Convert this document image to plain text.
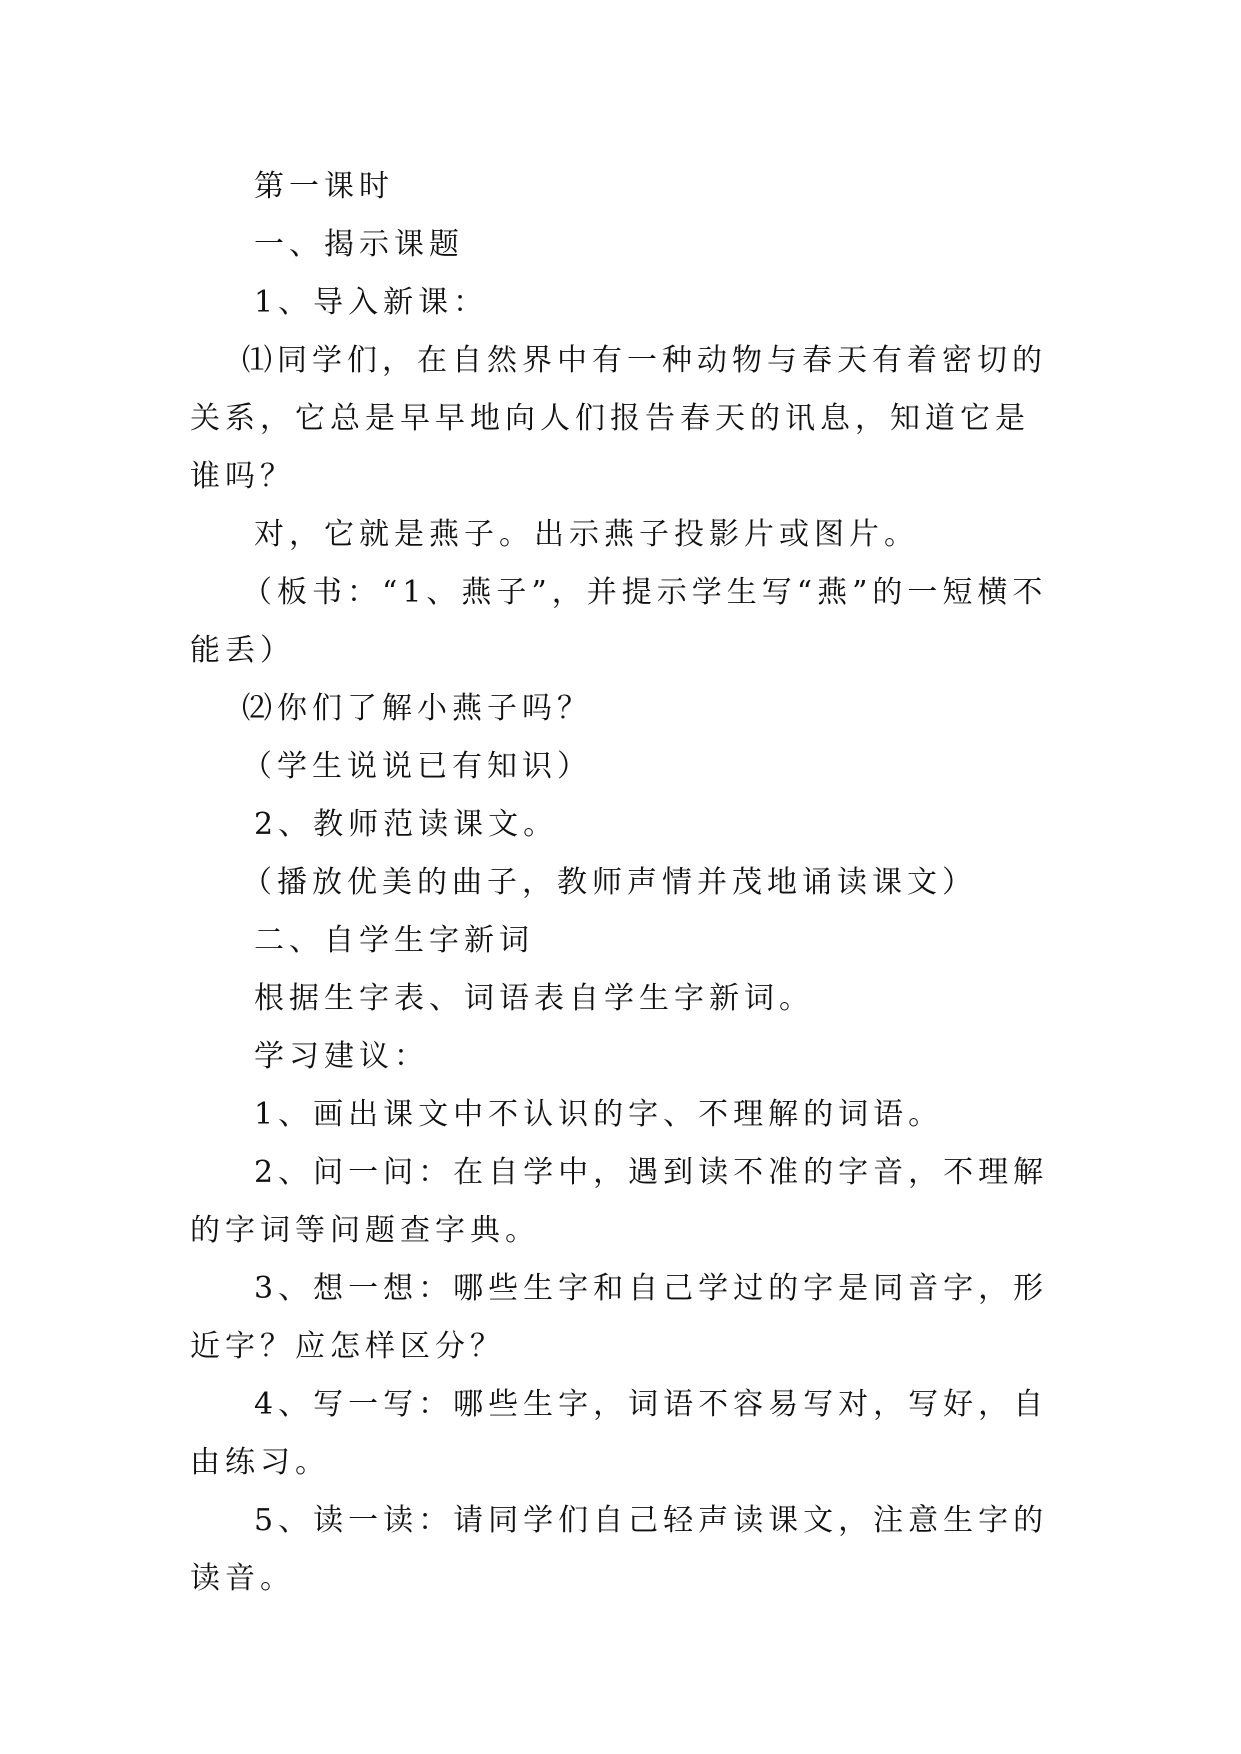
第一课时

一、揭示课题

1、导入新课：

⑴同学们，在自然界中有一种动物与春天有着密切的关系，它总是早早地向人们报告春天的讯息，知道它是谁吗？

对，它就是燕子。出示燕子投影片或图片。

（板书：“1、燕子”，并提示学生写“燕”的一短横不能丢）

⑵你们了解小燕子吗？

（学生说说已有知识）

2、教师范读课文。

（播放优美的曲子，教师声情并茂地诵读课文）

二、自学生字新词

根据生字表、词语表自学生字新词。

学习建议：

1、画出课文中不认识的字、不理解的词语。

2、问一问：在自学中，遇到读不准的字音，不理解的字词等问题查字典。

3、想一想：哪些生字和自己学过的字是同音字，形近字？应怎样区分？

4、写一写：哪些生字，词语不容易写对，写好，自由练习。

5、读一读：请同学们自己轻声读课文，注意生字的读音。
